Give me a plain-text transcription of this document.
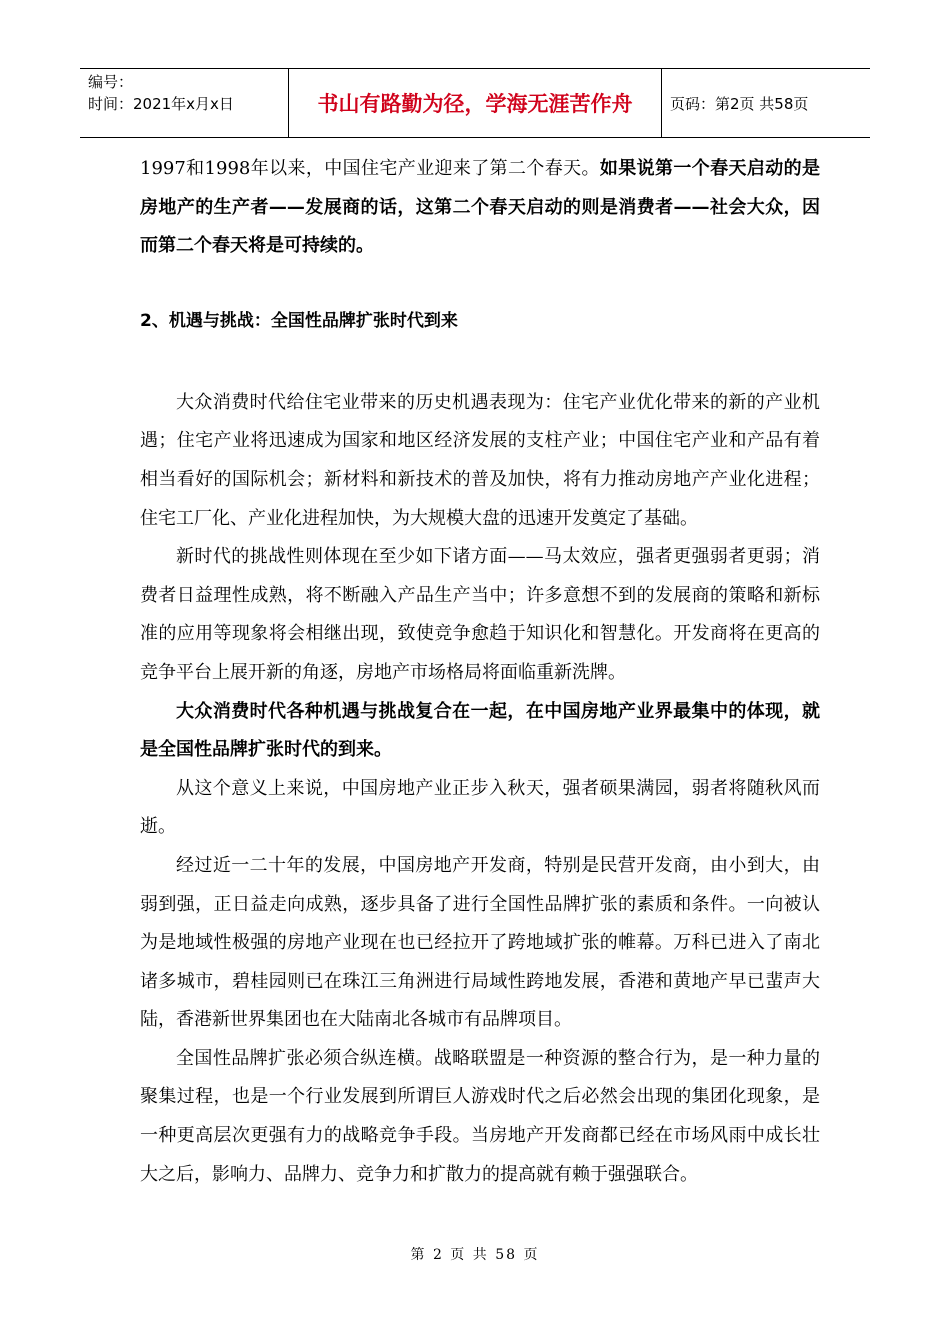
编号：
时间：2021年x月x日	书山有路勤为径，学海无涯苦作舟	页码：第2页 共58页

1997和1998年以来，中国住宅产业迎来了第二个春天。如果说第一个春天启动的是房地产的生产者——发展商的话，这第二个春天启动的则是消费者——社会大众，因而第二个春天将是可持续的。

2、机遇与挑战：全国性品牌扩张时代到来

大众消费时代给住宅业带来的历史机遇表现为：住宅产业优化带来的新的产业机遇；住宅产业将迅速成为国家和地区经济发展的支柱产业；中国住宅产业和产品有着相当看好的国际机会；新材料和新技术的普及加快，将有力推动房地产产业化进程；住宅工厂化、产业化进程加快，为大规模大盘的迅速开发奠定了基础。

新时代的挑战性则体现在至少如下诸方面——马太效应，强者更强弱者更弱；消费者日益理性成熟，将不断融入产品生产当中；许多意想不到的发展商的策略和新标准的应用等现象将会相继出现，致使竞争愈趋于知识化和智慧化。开发商将在更高的竞争平台上展开新的角逐，房地产市场格局将面临重新洗牌。

大众消费时代各种机遇与挑战复合在一起，在中国房地产业界最集中的体现，就是全国性品牌扩张时代的到来。

从这个意义上来说，中国房地产业正步入秋天，强者硕果满园，弱者将随秋风而逝。

经过近一二十年的发展，中国房地产开发商，特别是民营开发商，由小到大，由弱到强，正日益走向成熟，逐步具备了进行全国性品牌扩张的素质和条件。一向被认为是地域性极强的房地产业现在也已经拉开了跨地域扩张的帷幕。万科已进入了南北诸多城市，碧桂园则已在珠江三角洲进行局域性跨地发展，香港和黄地产早已蜚声大陆，香港新世界集团也在大陆南北各城市有品牌项目。

全国性品牌扩张必须合纵连横。战略联盟是一种资源的整合行为，是一种力量的聚集过程，也是一个行业发展到所谓巨人游戏时代之后必然会出现的集团化现象，是一种更高层次更强有力的战略竞争手段。当房地产开发商都已经在市场风雨中成长壮大之后，影响力、品牌力、竞争力和扩散力的提高就有赖于强强联合。

第 2 页 共 58 页
